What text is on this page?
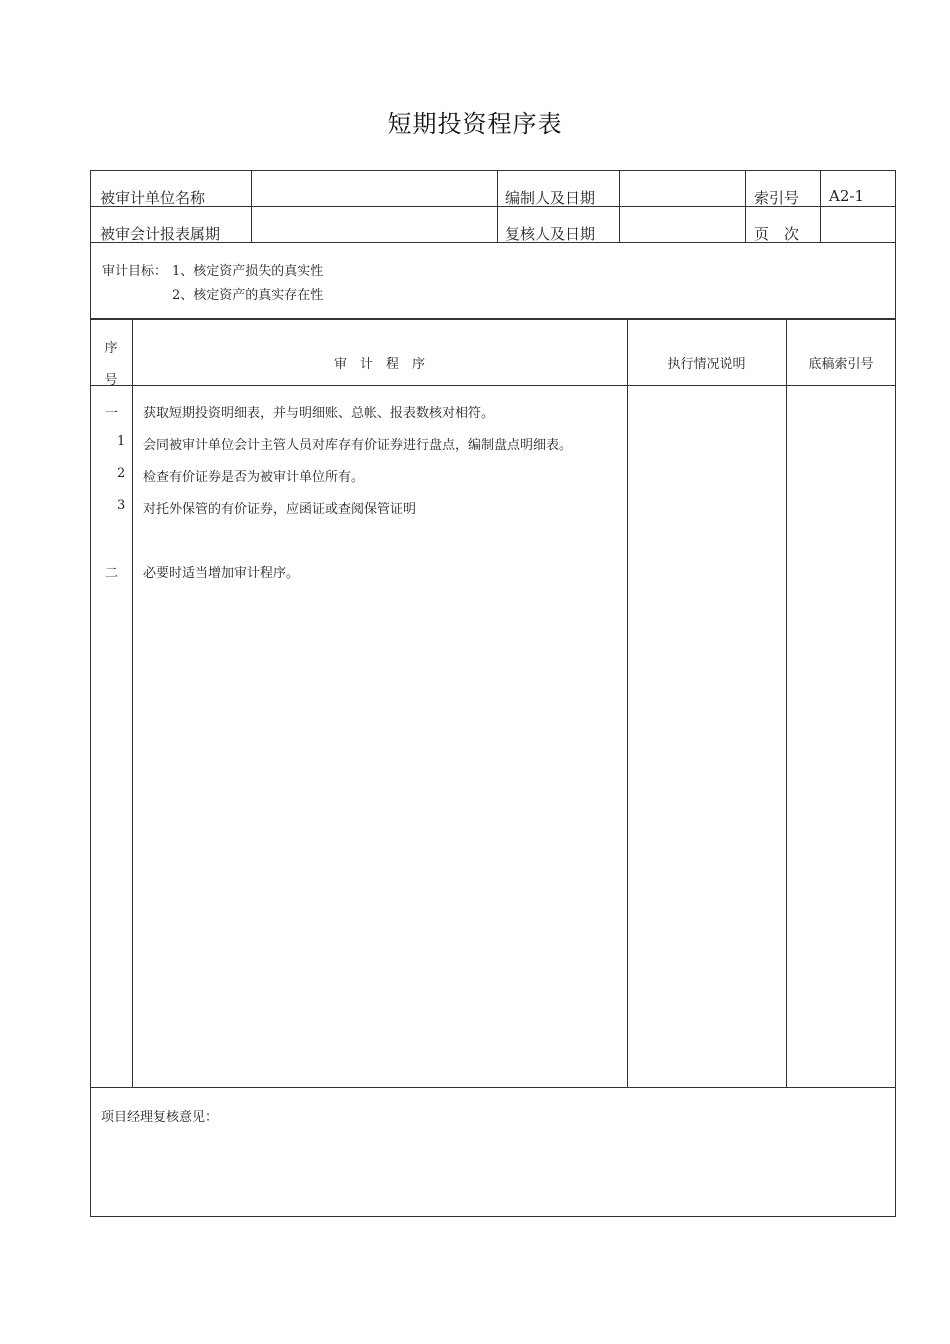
短期投资程序表
被审计单位名称	编制人及日期	索引号 A2-1
被审会计报表属期	复核人及日期	页　次
审计目标： 1、核定资产损失的真实性
2、核定资产的真实存在性
序
号
审　计　程　序	执行情况说明	底稿索引号
一 获取短期投资明细表，并与明细账、总帐、报表数核对相符。
1 会同被审计单位会计主管人员对库存有价证券进行盘点，编制盘点明细表。
2 检查有价证券是否为被审计单位所有。
3 对托外保管的有价证券，应函证或查阅保管证明
二 必要时适当增加审计程序。
项目经理复核意见：
